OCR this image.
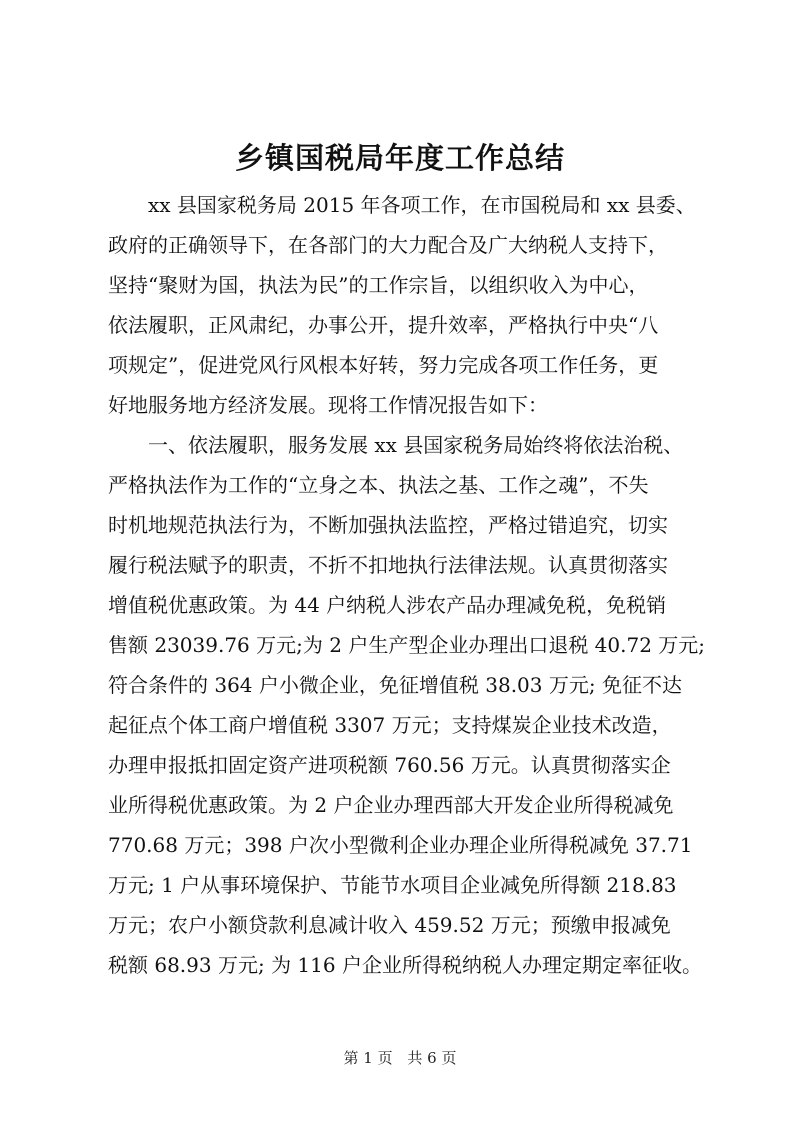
乡镇国税局年度工作总结
　　xx 县国家税务局 2015 年各项工作，在市国税局和 xx 县委、
政府的正确领导下，在各部门的大力配合及广大纳税人支持下，
坚持“聚财为国，执法为民”的工作宗旨，以组织收入为中心，
依法履职，正风肃纪，办事公开，提升效率，严格执行中央“八
项规定”，促进党风行风根本好转，努力完成各项工作任务，更
好地服务地方经济发展。现将工作情况报告如下：
　　一、依法履职，服务发展 xx 县国家税务局始终将依法治税、
严格执法作为工作的“立身之本、执法之基、工作之魂”，不失
时机地规范执法行为，不断加强执法监控，严格过错追究，切实
履行税法赋予的职责，不折不扣地执行法律法规。认真贯彻落实
增值税优惠政策。为 44 户纳税人涉农产品办理减免税，免税销
售额 23039.76 万元;为 2 户生产型企业办理出口退税 40.72 万元;
符合条件的 364 户小微企业，免征增值税 38.03 万元; 免征不达
起征点个体工商户增值税 3307 万元；支持煤炭企业技术改造，
办理申报抵扣固定资产进项税额 760.56 万元。认真贯彻落实企
业所得税优惠政策。为 2 户企业办理西部大开发企业所得税减免
770.68 万元；398 户次小型微利企业办理企业所得税减免 37.71
万元; 1 户从事环境保护、节能节水项目企业减免所得额 218.83
万元；农户小额贷款利息减计收入 459.52 万元；预缴申报减免
税额 68.93 万元; 为 116 户企业所得税纳税人办理定期定率征收。
第 1 页 共 6 页
